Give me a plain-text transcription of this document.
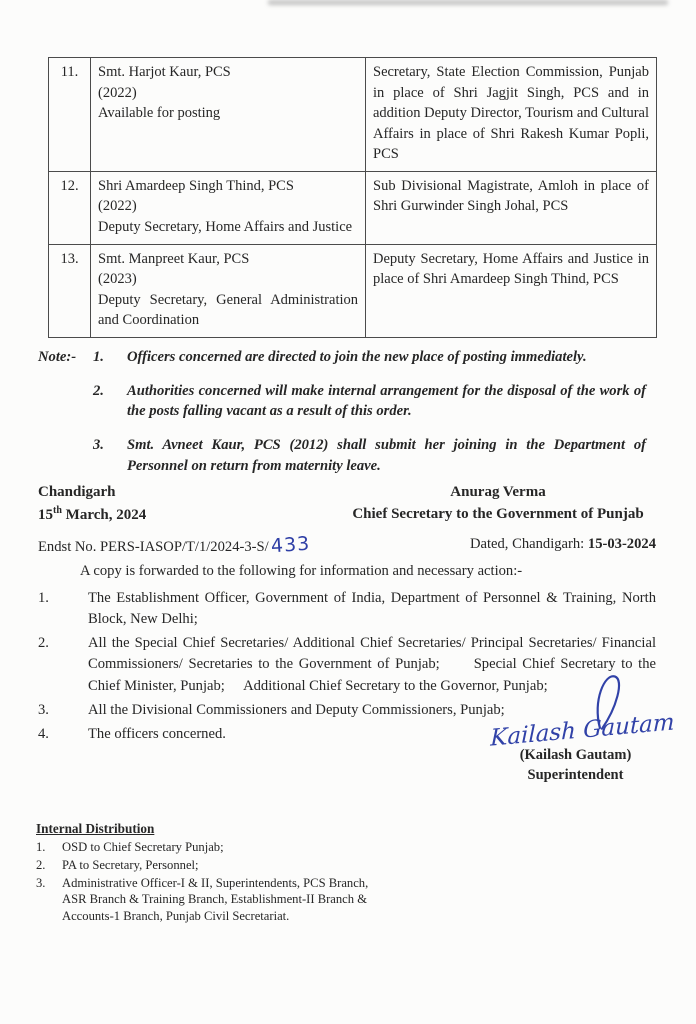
11.	Smt. Harjot Kaur, PCS
(2022)
Available for posting	Secretary, State Election Commission, Punjab in place of Shri Jagjit Singh, PCS and in addition Deputy Director, Tourism and Cultural Affairs in place of Shri Rakesh Kumar Popli, PCS
12.	Shri Amardeep Singh Thind, PCS
(2022)
Deputy Secretary, Home Affairs and Justice	Sub Divisional Magistrate, Amloh in place of Shri Gurwinder Singh Johal, PCS
13.	Smt. Manpreet Kaur, PCS
(2023)
Deputy Secretary, General Administration and Coordination	Deputy Secretary, Home Affairs and Justice in place of Shri Amardeep Singh Thind, PCS
Note:-	1.	Officers concerned are directed to join the new place of posting immediately.
2.	Authorities concerned will make internal arrangement for the disposal of the work of the posts falling vacant as a result of this order.
3.	Smt. Avneet Kaur, PCS (2012) shall submit her joining in the Department of Personnel on return from maternity leave.
Chandigarh
15th March, 2024
Anurag Verma
Chief Secretary to the Government of Punjab
Endst No. PERS-IASOP/T/1/2024-3-S/433	Dated, Chandigarh: 15-03-2024
A copy is forwarded to the following for information and necessary action:-
1.	The Establishment Officer, Government of India, Department of Personnel & Training, North Block, New Delhi;
2.	All the Special Chief Secretaries/ Additional Chief Secretaries/ Principal Secretaries/ Financial Commissioners/ Secretaries to the Government of Punjab;      Special Chief Secretary to the Chief Minister, Punjab;     Additional Chief Secretary to the Governor, Punjab;
3.	All the Divisional Commissioners and Deputy Commissioners, Punjab;
4.	The officers concerned.	Kailash Gautam
(Kailash Gautam)
Superintendent
Internal Distribution
1.	OSD to Chief Secretary Punjab;
2.	PA to Secretary, Personnel;
3.	Administrative Officer-I & II, Superintendents, PCS Branch, ASR Branch & Training Branch, Establishment-II Branch & Accounts-1 Branch, Punjab Civil Secretariat.
